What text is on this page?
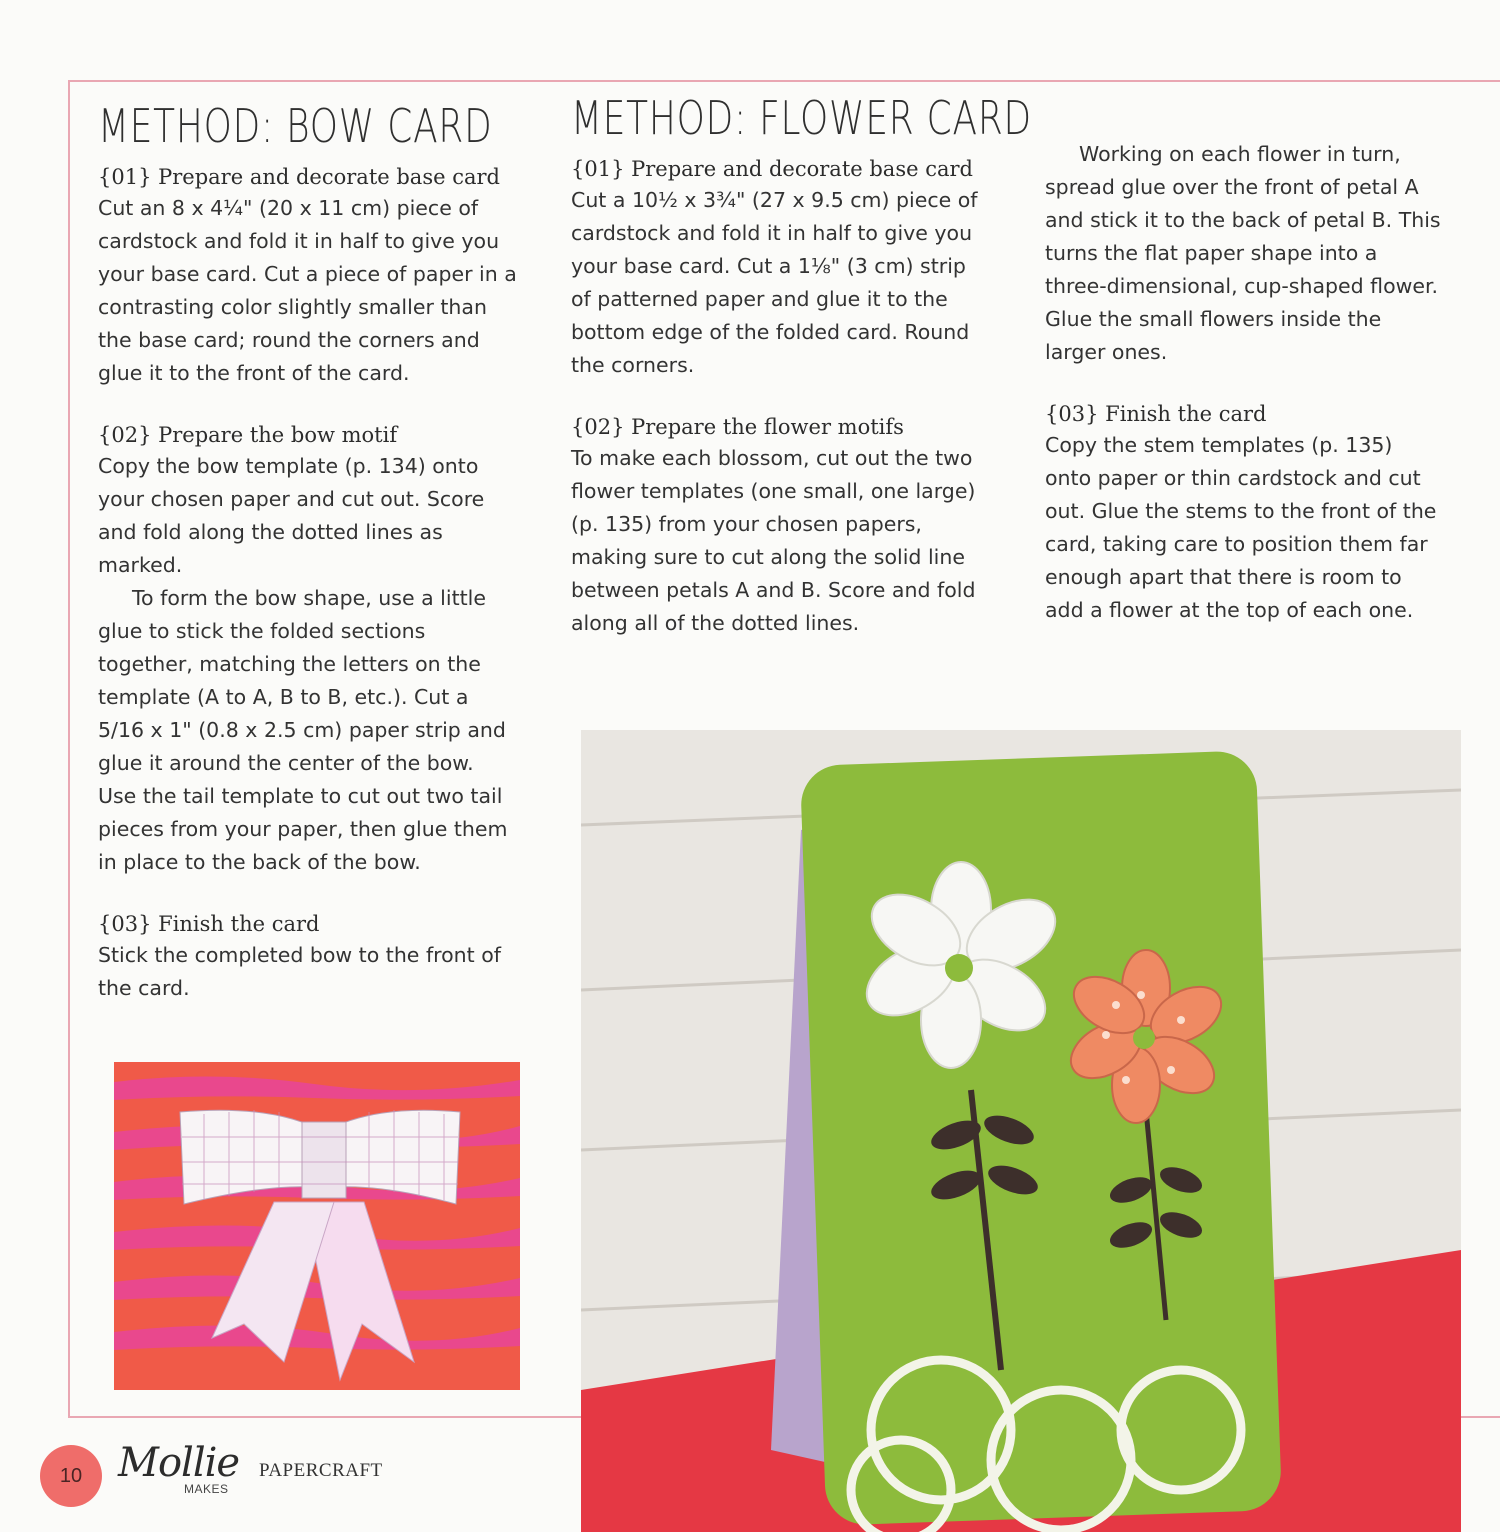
METHOD: BOW CARD

{01} Prepare and decorate base card

Cut an 8 x 4¼" (20 x 11 cm) piece of cardstock and fold it in half to give you your base card. Cut a piece of paper in a contrasting color slightly smaller than the base card; round the corners and glue it to the front of the card.

{02} Prepare the bow motif

Copy the bow template (p. 134) onto your chosen paper and cut out. Score and fold along the dotted lines as marked.

To form the bow shape, use a little glue to stick the folded sections together, matching the letters on the template (A to A, B to B, etc.). Cut a 5/16 x 1" (0.8 x 2.5 cm) paper strip and glue it around the center of the bow. Use the tail template to cut out two tail pieces from your paper, then glue them in place to the back of the bow.

{03} Finish the card

Stick the completed bow to the front of the card.

METHOD: FLOWER CARD

{01} Prepare and decorate base card

Cut a 10½ x 3¾" (27 x 9.5 cm) piece of cardstock and fold it in half to give you your base card. Cut a 1⅛" (3 cm) strip of patterned paper and glue it to the bottom edge of the folded card. Round the corners.

{02} Prepare the flower motifs

To make each blossom, cut out the two flower templates (one small, one large) (p. 135) from your chosen papers, making sure to cut along the solid line between petals A and B. Score and fold along all of the dotted lines.

Working on each flower in turn, spread glue over the front of petal A and stick it to the back of petal B. This turns the flat paper shape into a three-dimensional, cup-shaped flower. Glue the small flowers inside the larger ones.

{03} Finish the card

Copy the stem templates (p. 135) onto paper or thin cardstock and cut out. Glue the stems to the front of the card, taking care to position them far enough apart that there is room to add a flower at the top of each one.

10 Mollie
MAKES
PAPERCRAFT
